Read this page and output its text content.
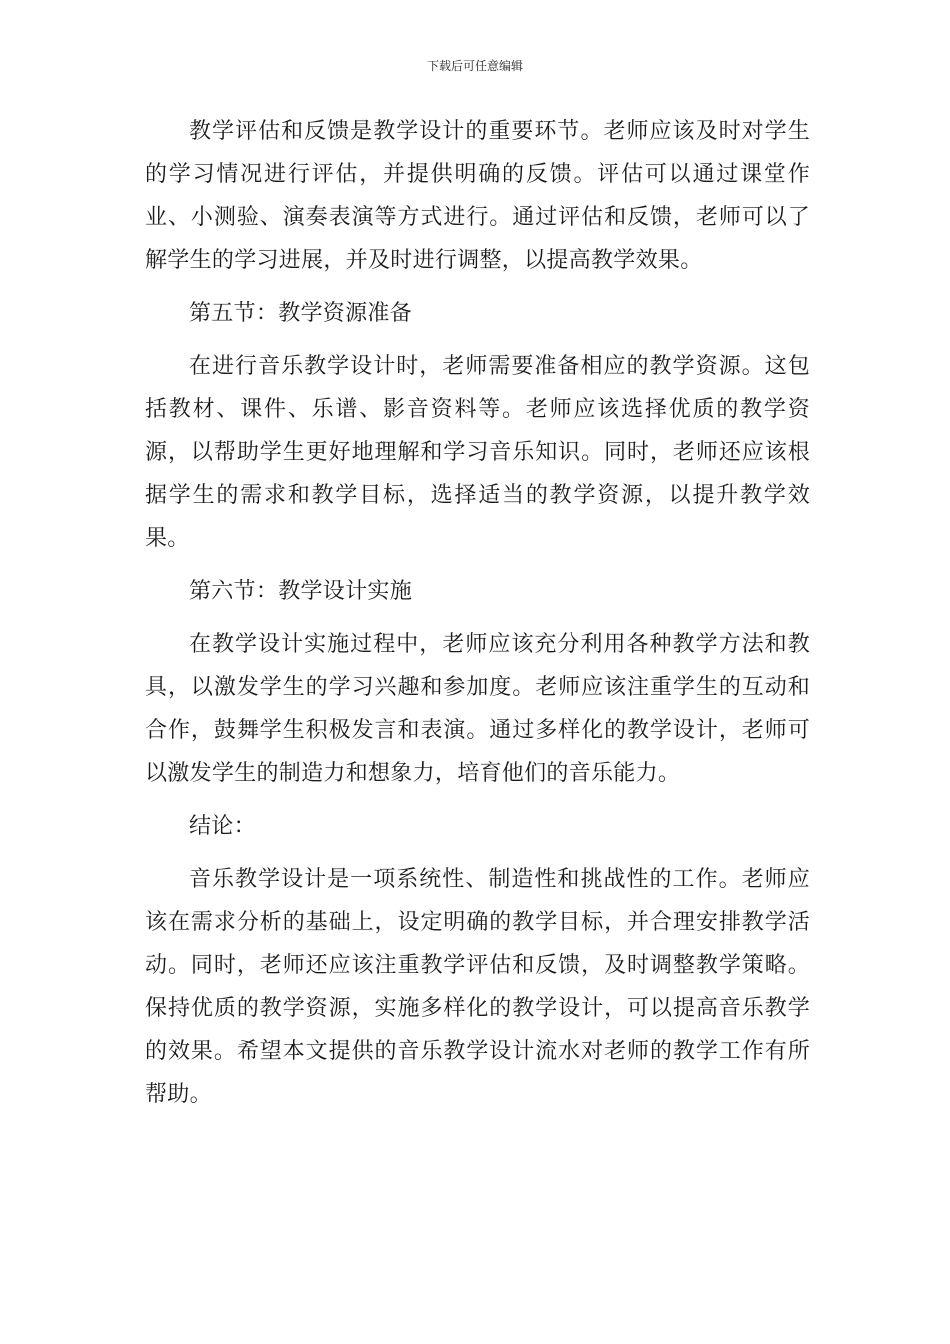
下载后可任意编辑

教学评估和反馈是教学设计的重要环节。老师应该及时对学生的学习情况进行评估，并提供明确的反馈。评估可以通过课堂作业、小测验、演奏表演等方式进行。通过评估和反馈，老师可以了解学生的学习进展，并及时进行调整，以提高教学效果。

第五节：教学资源准备

在进行音乐教学设计时，老师需要准备相应的教学资源。这包括教材、课件、乐谱、影音资料等。老师应该选择优质的教学资源，以帮助学生更好地理解和学习音乐知识。同时，老师还应该根据学生的需求和教学目标，选择适当的教学资源，以提升教学效果。

第六节：教学设计实施

在教学设计实施过程中，老师应该充分利用各种教学方法和教具，以激发学生的学习兴趣和参加度。老师应该注重学生的互动和合作，鼓舞学生积极发言和表演。通过多样化的教学设计，老师可以激发学生的制造力和想象力，培育他们的音乐能力。

结论：

音乐教学设计是一项系统性、制造性和挑战性的工作。老师应该在需求分析的基础上，设定明确的教学目标，并合理安排教学活动。同时，老师还应该注重教学评估和反馈，及时调整教学策略。保持优质的教学资源，实施多样化的教学设计，可以提高音乐教学的效果。希望本文提供的音乐教学设计流水对老师的教学工作有所帮助。
